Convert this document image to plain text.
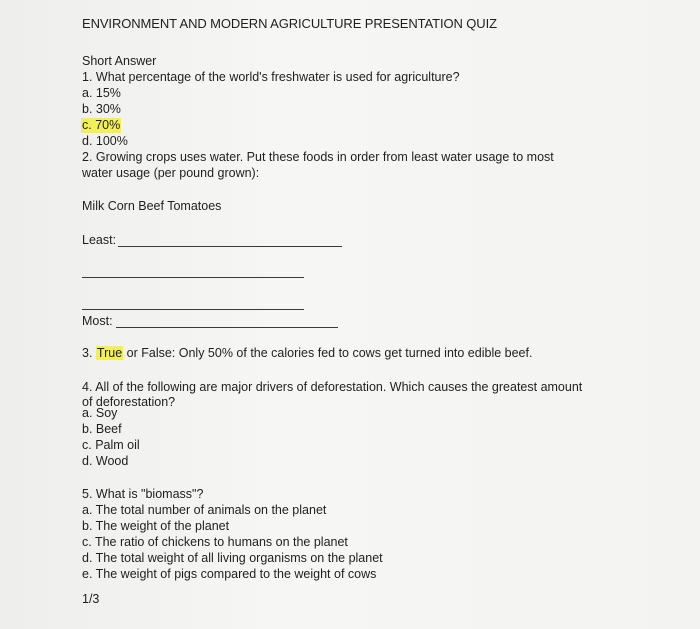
ENVIRONMENT AND MODERN AGRICULTURE PRESENTATION QUIZ
Short Answer
1. What percentage of the world's freshwater is used for agriculture?
a. 15%
b. 30%
c. 70%
d. 100%
2. Growing crops uses water. Put these foods in order from least water usage to most
water usage (per pound grown):
Milk Corn Beef Tomatoes
Least:
Most:
3. True or False: Only 50% of the calories fed to cows get turned into edible beef.
4. All of the following are major drivers of deforestation. Which causes the greatest amount
of deforestation?
a. Soy
b. Beef
c. Palm oil
d. Wood
5. What is "biomass"?
a. The total number of animals on the planet
b. The weight of the planet
c. The ratio of chickens to humans on the planet
d. The total weight of all living organisms on the planet
e. The weight of pigs compared to the weight of cows
1/3
